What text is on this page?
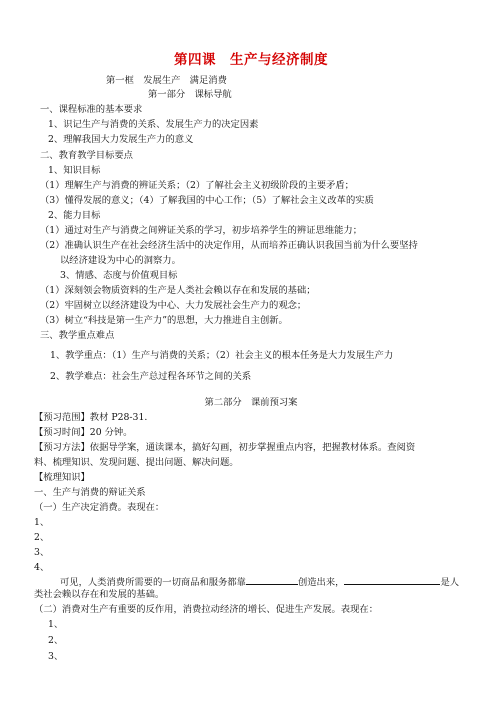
第四课　生产与经济制度
第一框　发展生产　满足消费
第一部分　课标导航
一、课程标准的基本要求
1、识记生产与消费的关系、发展生产力的决定因素
2、理解我国大力发展生产力的意义
二、教育教学目标要点
1、知识目标
（1）理解生产与消费的辨证关系；（2）了解社会主义初级阶段的主要矛盾；
（3）懂得发展的意义；（4）了解我国的中心工作；（5）了解社会主义改革的实质
2、能力目标
（1）通过对生产与消费之间辨证关系的学习，初步培养学生的辨证思维能力；
（2）准确认识生产在社会经济生活中的决定作用，从而培养正确认识我国当前为什么要坚持
以经济建设为中心的洞察力。
3、情感、态度与价值观目标
（1）深刻领会物质资料的生产是人类社会赖以存在和发展的基础；
（2）牢固树立以经济建设为中心、大力发展社会生产力的观念；
（3）树立“科技是第一生产力”的思想，大力推进自主创新。
三、教学重点难点
1、教学重点：（1）生产与消费的关系；（2）社会主义的根本任务是大力发展生产力
2、教学难点：社会生产总过程各环节之间的关系
第二部分　课前预习案
【预习范围】教材 P28-31.
【预习时间】20 分钟。
【预习方法】依据导学案，通读课本，搞好勾画，初步掌握重点内容，把握教材体系。查阅资
料、梳理知识、发现问题、提出问题、解决问题。
【梳理知识】
一、生产与消费的辩证关系
（一）生产决定消费。表现在：
1、
2、
3、
4、
可见，人类消费所需要的一切商品和服务都靠	创造出来，	是人
类社会赖以存在和发展的基础。
（二）消费对生产有重要的反作用，消费拉动经济的增长、促进生产发展。表现在：
1、
2、
3、
